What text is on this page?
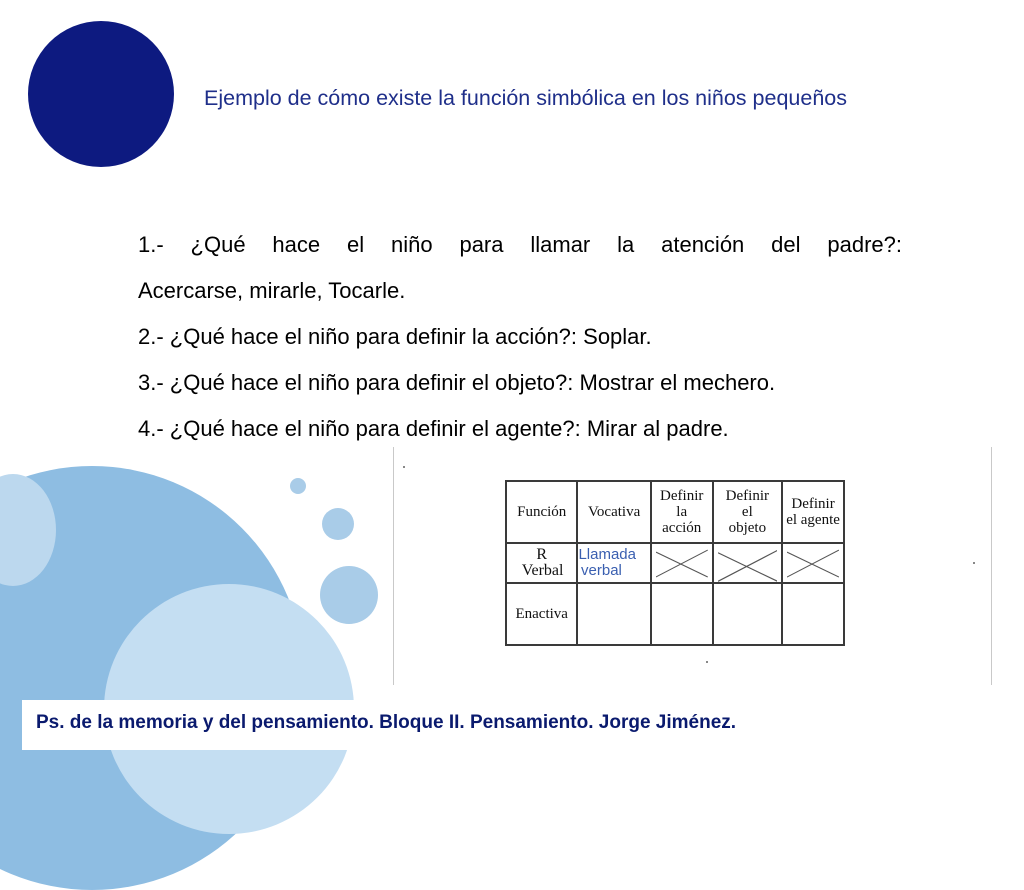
Ejemplo de cómo existe la función simbólica en los niños pequeños

1.- ¿Qué hace el niño para llamar la atención del padre?:

Acercarse, mirarle, Tocarle.

2.- ¿Qué hace el niño para definir la acción?: Soplar.

3.- ¿Qué hace el niño para definir el objeto?: Mostrar el mechero.

4.- ¿Qué hace el niño para definir el agente?: Mirar al padre.

Función	Vocativa	Definir la acción	Definir el objeto	Definir el agente

R Verbal	Llamada verbal

Enactiva				
Ps. de la memoria y del pensamiento. Bloque II. Pensamiento. Jorge Jiménez.
